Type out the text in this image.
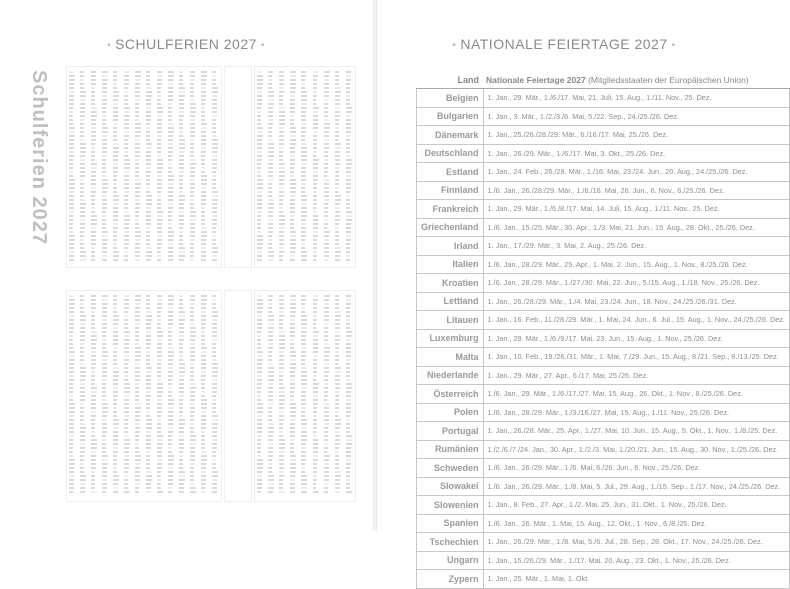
• SCHULFERIEN 2027 •
Schulferien 2027
• NATIONALE FEIERTAGE 2027 •
Land	Nationale Feiertage 2027 (Mitgliedsstaaten der Europäischen Union)
Belgien	1. Jan., 29. Mär., 1./6./17. Mai, 21. Juli, 15. Aug., 1./11. Nov., 25. Dez.
Bulgarien	1. Jan., 3. Mär., 1./2./3./6. Mai, 5./22. Sep., 24./25./26. Dez.
Dänemark	1. Jan., 25./26./28./29. Mär., 6./16./17. Mai, 25./26. Dez.
Deutschland	1. Jan., 26./29. Mär., 1./6./17. Mai, 3. Okt., 25./26. Dez.
Estland	1. Jan., 24. Feb., 26./28. Mär., 1./16. Mai, 23./24. Jun., 20. Aug., 24./25./26. Dez.
Finnland	1./6. Jan., 26./28./29. Mär., 1./6./16. Mai, 26. Jun., 6. Nov., 6./25./26. Dez.
Frankreich	1. Jan., 29. Mär., 1./6./8./17. Mai, 14. Juli, 15. Aug., 1./11. Nov., 25. Dez.
Griechenland	1./6. Jan., 15./25. Mär., 30. Apr., 1./3. Mai, 21. Jun., 15. Aug., 28. Okt., 25./26. Dez.
Irland	1. Jan., 17./29. Mär., 3. Mai, 2. Aug., 25./26. Dez.
Italien	1./6. Jan., 28./29. Mär., 25. Apr., 1. Mai, 2. Jun., 15. Aug., 1. Nov., 8./25./26. Dez.
Kroatien	1./6. Jan., 28./29. Mär., 1./27./30. Mai, 22. Jun., 5./15. Aug., 1./18. Nov., 25./26. Dez.
Lettland	1. Jan., 26./28./29. Mär., 1./4. Mai, 23./24. Jun., 18. Nov., 24./25./26./31. Dez.
Litauen	1. Jan., 16. Feb., 11./28./29. Mär., 1. Mai, 24. Jun., 6. Jul., 15. Aug., 1. Nov., 24./25./26. Dez.
Luxemburg	1. Jan., 29. Mär., 1./6./9./17. Mai, 23. Jun., 15. Aug., 1. Nov., 25./26. Dez.
Malta	1. Jan., 10. Feb., 19./26./31. Mär., 1. Mai, 7./29. Jun., 15. Aug., 8./21. Sep., 8./13./25. Dez.
Niederlande	1. Jan., 29. Mär., 27. Apr., 6./17. Mai, 25./26. Dez.
Österreich	1./6. Jan., 29. Mär., 1./6./17./27. Mai, 15. Aug., 26. Okt., 1. Nov., 8./25./26. Dez.
Polen	1./6. Jan., 28./29. Mär., 1./3./16./27. Mai, 15. Aug., 1./11. Nov., 25./26. Dez.
Portugal	1. Jan., 26./28. Mär., 25. Apr., 1./27. Mai, 10. Jun., 15. Aug., 5. Okt., 1. Nov., 1./8./25. Dez.
Rumänien	1./2./6./7./24. Jan., 30. Apr., 1./2./3. Mai, 1./20./21. Jun., 15. Aug., 30. Nov., 1./25./26. Dez.
Schweden	1./6. Jan., 26./29. Mär., 1./6. Mai, 6./26. Jun., 6. Nov., 25./26. Dez.
Slowakei	1./6. Jan., 26./29. Mär., 1./8. Mai, 5. Jul., 29. Aug., 1./15. Sep., 1./17. Nov., 24./25./26. Dez.
Slowenien	1. Jan., 8. Feb., 27. Apr., 1./2. Mai, 25. Jun., 31. Okt., 1. Nov., 25./26. Dez.
Spanien	1./6. Jan., 26. Mär., 1. Mai, 15. Aug., 12. Okt., 1. Nov., 6./8./25. Dez.
Tschechien	1. Jan., 26./29. Mär., 1./8. Mai, 5./6. Jul., 28. Sep., 28. Okt., 17. Nov., 24./25./26. Dez.
Ungarn	1. Jan., 15./26./29. Mär., 1./17. Mai, 20. Aug., 23. Okt., 1. Nov., 25./26. Dez.
Zypern	1. Jan., 25. Mär., 1. Mai, 1. Okt.
